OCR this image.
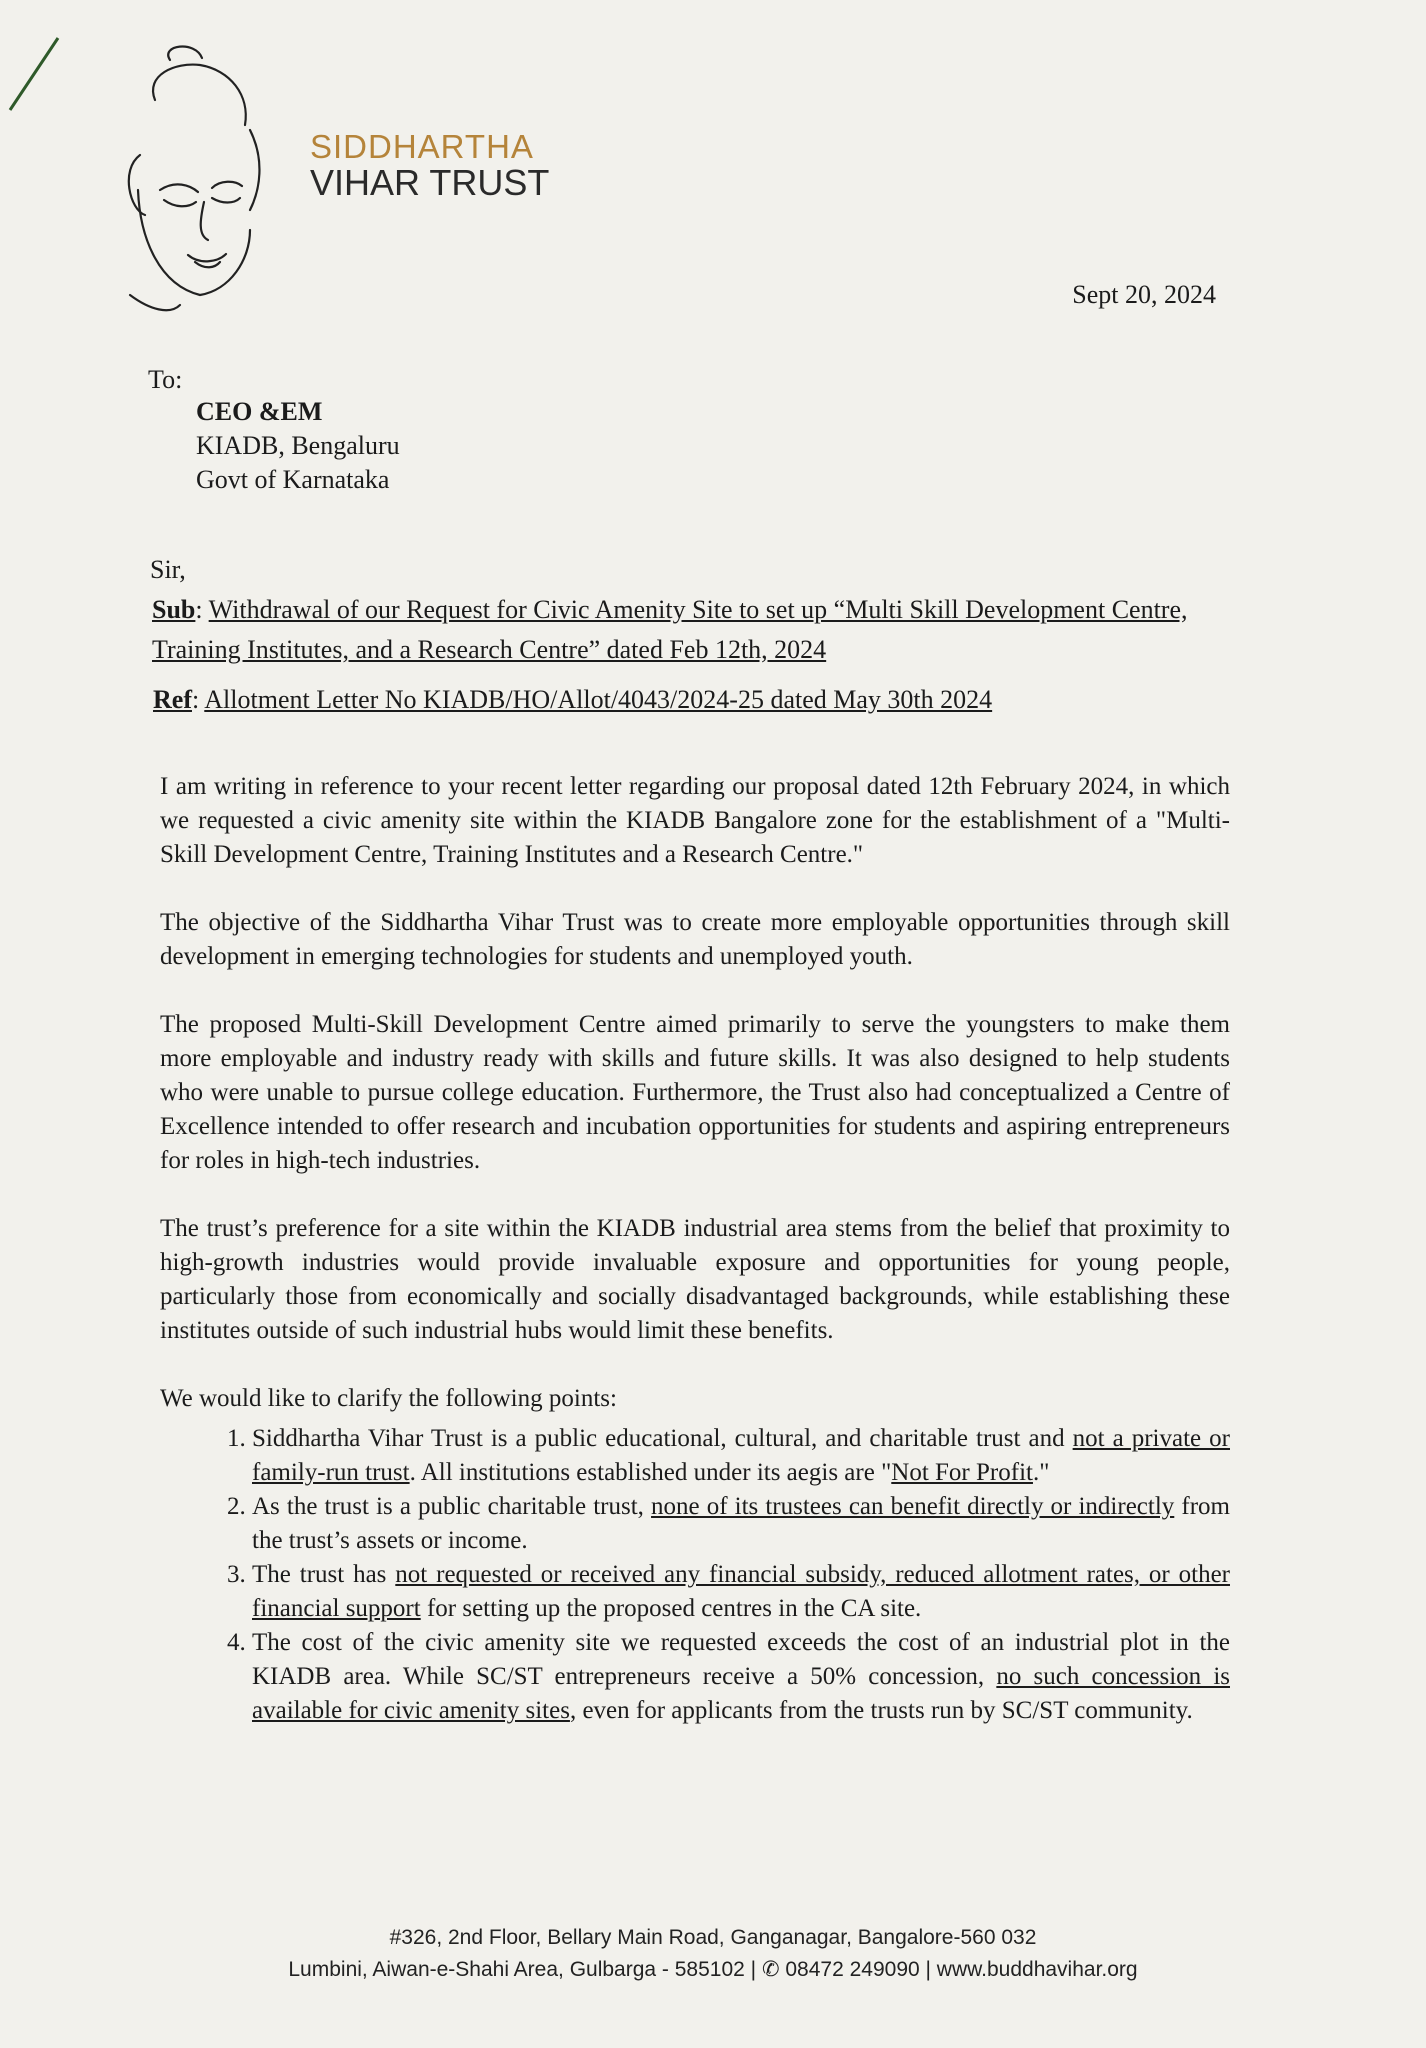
SIDDHARTHA
VIHAR TRUST
Sept 20, 2024
To:
CEO &EM
KIADB, Bengaluru
Govt of Karnataka
Sir,
Sub: Withdrawal of our Request for Civic Amenity Site to set up “Multi Skill Development Centre, Training Institutes, and a Research Centre” dated Feb 12th, 2024
Ref: Allotment Letter No KIADB/HO/Allot/4043/2024-25 dated May 30th 2024

I am writing in reference to your recent letter regarding our proposal dated 12th February 2024, in which we requested a civic amenity site within the KIADB Bangalore zone for the establishment of a "Multi-Skill Development Centre, Training Institutes and a Research Centre."

The objective of the Siddhartha Vihar Trust was to create more employable opportunities through skill development in emerging technologies for students and unemployed youth.

The proposed Multi-Skill Development Centre aimed primarily to serve the youngsters to make them more employable and industry ready with skills and future skills. It was also designed to help students who were unable to pursue college education. Furthermore, the Trust also had conceptualized a Centre of Excellence intended to offer research and incubation opportunities for students and aspiring entrepreneurs for roles in high-tech industries.

The trust’s preference for a site within the KIADB industrial area stems from the belief that proximity to high-growth industries would provide invaluable exposure and opportunities for young people, particularly those from economically and socially disadvantaged backgrounds, while establishing these institutes outside of such industrial hubs would limit these benefits.

We would like to clarify the following points:

1. Siddhartha Vihar Trust is a public educational, cultural, and charitable trust and not a private or family-run trust. All institutions established under its aegis are "Not For Profit."
2. As the trust is a public charitable trust, none of its trustees can benefit directly or indirectly from the trust’s assets or income.
3. The trust has not requested or received any financial subsidy, reduced allotment rates, or other financial support for setting up the proposed centres in the CA site.
4. The cost of the civic amenity site we requested exceeds the cost of an industrial plot in the KIADB area. While SC/ST entrepreneurs receive a 50% concession, no such concession is available for civic amenity sites, even for applicants from the trusts run by SC/ST community.
#326, 2nd Floor, Bellary Main Road, Ganganagar, Bangalore-560 032
Lumbini, Aiwan-e-Shahi Area, Gulbarga - 585102 | ✆ 08472 249090 | www.buddhavihar.org
